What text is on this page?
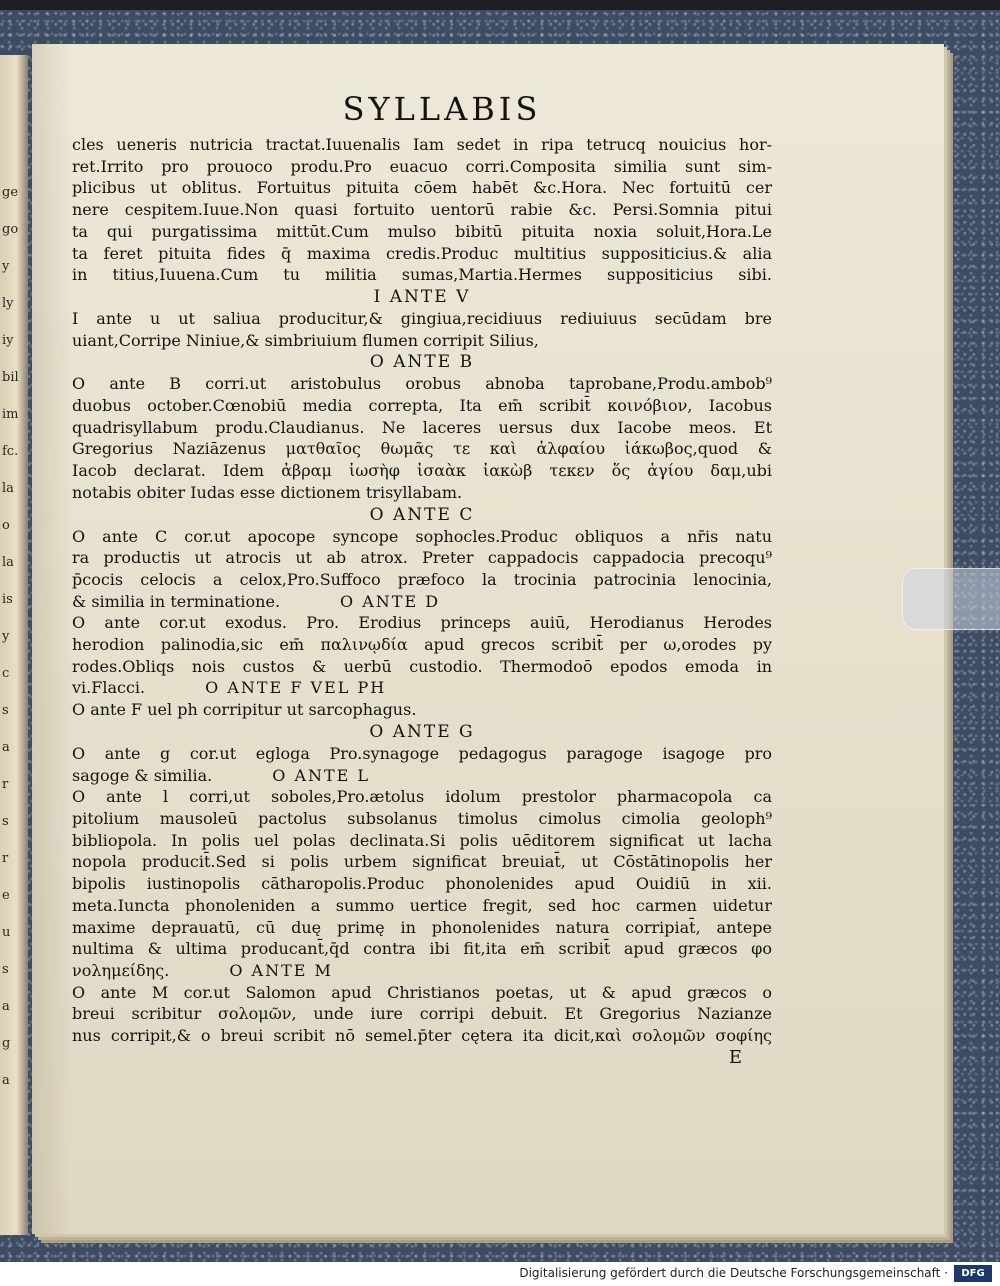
ge
go
y
ly
iy
bil
im
fc.
la
o
la
is
y
c
s
a
r
s
r
e
u
s
a
g
a
SYLLABIS
cles ueneris nutricia tractat.Iuuenalis Iam sedet in ripa tetrucq nouicius hor-
ret.Irrito pro prouoco produ.Pro euacuo corri.Composita similia sunt sim-
plicibus ut oblitus. Fortuitus pituita cōem habēt &c.Hora. Nec fortuitū cer
nere cespitem.Iuue.Non quasi fortuito uentorū rabie &c. Persi.Somnia pitui
ta qui purgatissima mittūt.Cum mulso bibitū pituita noxia soluit,Hora.Le
ta feret pituita fides q̄ maxima credis.Produc multitius suppositicius.& alia
in titius,Iuuena.Cum tu militia sumas,Martia.Hermes suppositicius sibi.
I ANTE V
I ante u ut saliua producitur,& gingiua,recidiuus rediuiuus secūdam bre
uiant,Corripe Niniue,& simbriuium flumen corripit Silius,
O ANTE B
O ante B corri.ut aristobulus orobus abnoba taprobane,Produ.ambob⁹
duobus october.Cœnobiū media correpta, Ita em̄ scribit̄ κοινόβιον, Iacobus
quadrisyllabum produ.Claudianus. Ne laceres uersus dux Iacobe meos. Et
Gregorius Naziāzenus ματθαῖος θωμᾶς τε καὶ ἀλφαίου ἰάκωβος,quod &
Iacob declarat. Idem ἀβραμ ἰωσὴφ ἰσαὰκ ἰακὼβ τεκεν ὅς ἁγίου δαμ,ubi
notabis obiter Iudas esse dictionem trisyllabam.
O ANTE C
O ante C cor.ut apocope syncope sophocles.Produc obliquos a nr̄is natu
ra productis ut atrocis ut ab atrox. Preter cappadocis cappadocia precoqu⁹
p̄cocis celocis a celox,Pro.Suffoco præfoco la trocinia patrocinia lenocinia,
& similia in terminatione.	O ANTE D
O ante cor.ut exodus. Pro. Erodius princeps auiū, Herodianus Herodes
herodion palinodia,sic em̄ παλινῳδία apud grecos scribit̄ per ω,orodes py
rodes.Obliqs nois custos & uerbū custodio. Thermodoō epodos emoda in
vi.Flacci.	O ANTE F VEL PH
O ante F uel ph corripitur ut sarcophagus.
O ANTE G
O ante g cor.ut egloga Pro.synagoge pedagogus paragoge isagoge pro
sagoge & similia.	O ANTE L
O ante l corri,ut soboles,Pro.ætolus idolum prestolor pharmacopola ca
pitolium mausoleū pactolus subsolanus timolus cimolus cimolia geoloph⁹
bibliopola. In polis uel polas declinata.Si polis uēditorem significat ut lacha
nopola producit̄.Sed si polis urbem significat breuiat̄, ut Cōstātinopolis her
bipolis iustinopolis cātharopolis.Produc phonolenides apud Ouidiū in xii.
meta.Iuncta phonoleniden a summo uertice fregit, sed hoc carmen uidetur
maxime deprauatū, cū duę primę in phonolenides natura corripiat̄, antepe
nultima & ultima producant̄,q̄d contra ibi fit,ita em̄ scribit̄ apud græcos φο
νολημείδης.	O ANTE M
O ante M cor.ut Salomon apud Christianos poetas, ut & apud græcos o
breui scribitur σολομῶν, unde iure corripi debuit. Et Gregorius Nazianze
nus corripit,& o breui scribit nō semel.p̄ter cętera ita dicit,καὶ σολομῶν σοφίης
E
Digitalisierung gefördert durch die Deutsche Forschungsgemeinschaft ·	DFG
